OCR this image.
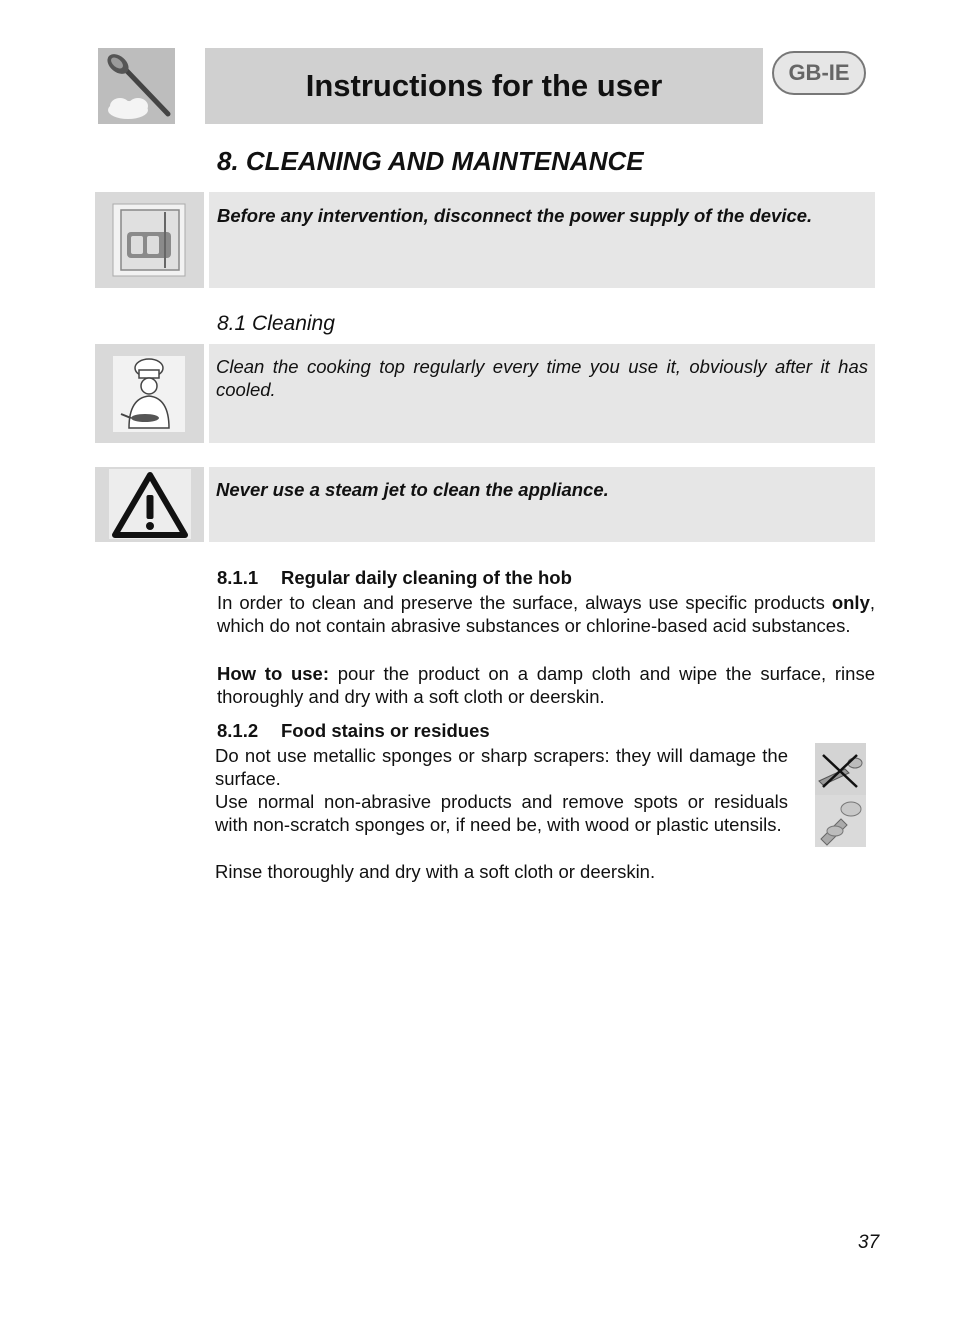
Instructions for the user	GB-IE
8. CLEANING AND MAINTENANCE
Before any intervention, disconnect the power supply of the device.
8.1 Cleaning
Clean the cooking top regularly every time you use it, obviously after it has cooled.
Never use a steam jet to clean the appliance.
8.1.1 Regular daily cleaning of the hob
In order to clean and preserve the surface, always use specific products only, which do not contain abrasive substances or chlorine-based acid substances.
How to use: pour the product on a damp cloth and wipe the surface, rinse thoroughly and dry with a soft cloth or deerskin.
8.1.2 Food stains or residues
Do not use metallic sponges or sharp scrapers: they will damage the surface.
Use normal non-abrasive products and remove spots or residuals with non-scratch sponges or, if need be, with wood or plastic utensils.
Rinse thoroughly and dry with a soft cloth or deerskin.
37
